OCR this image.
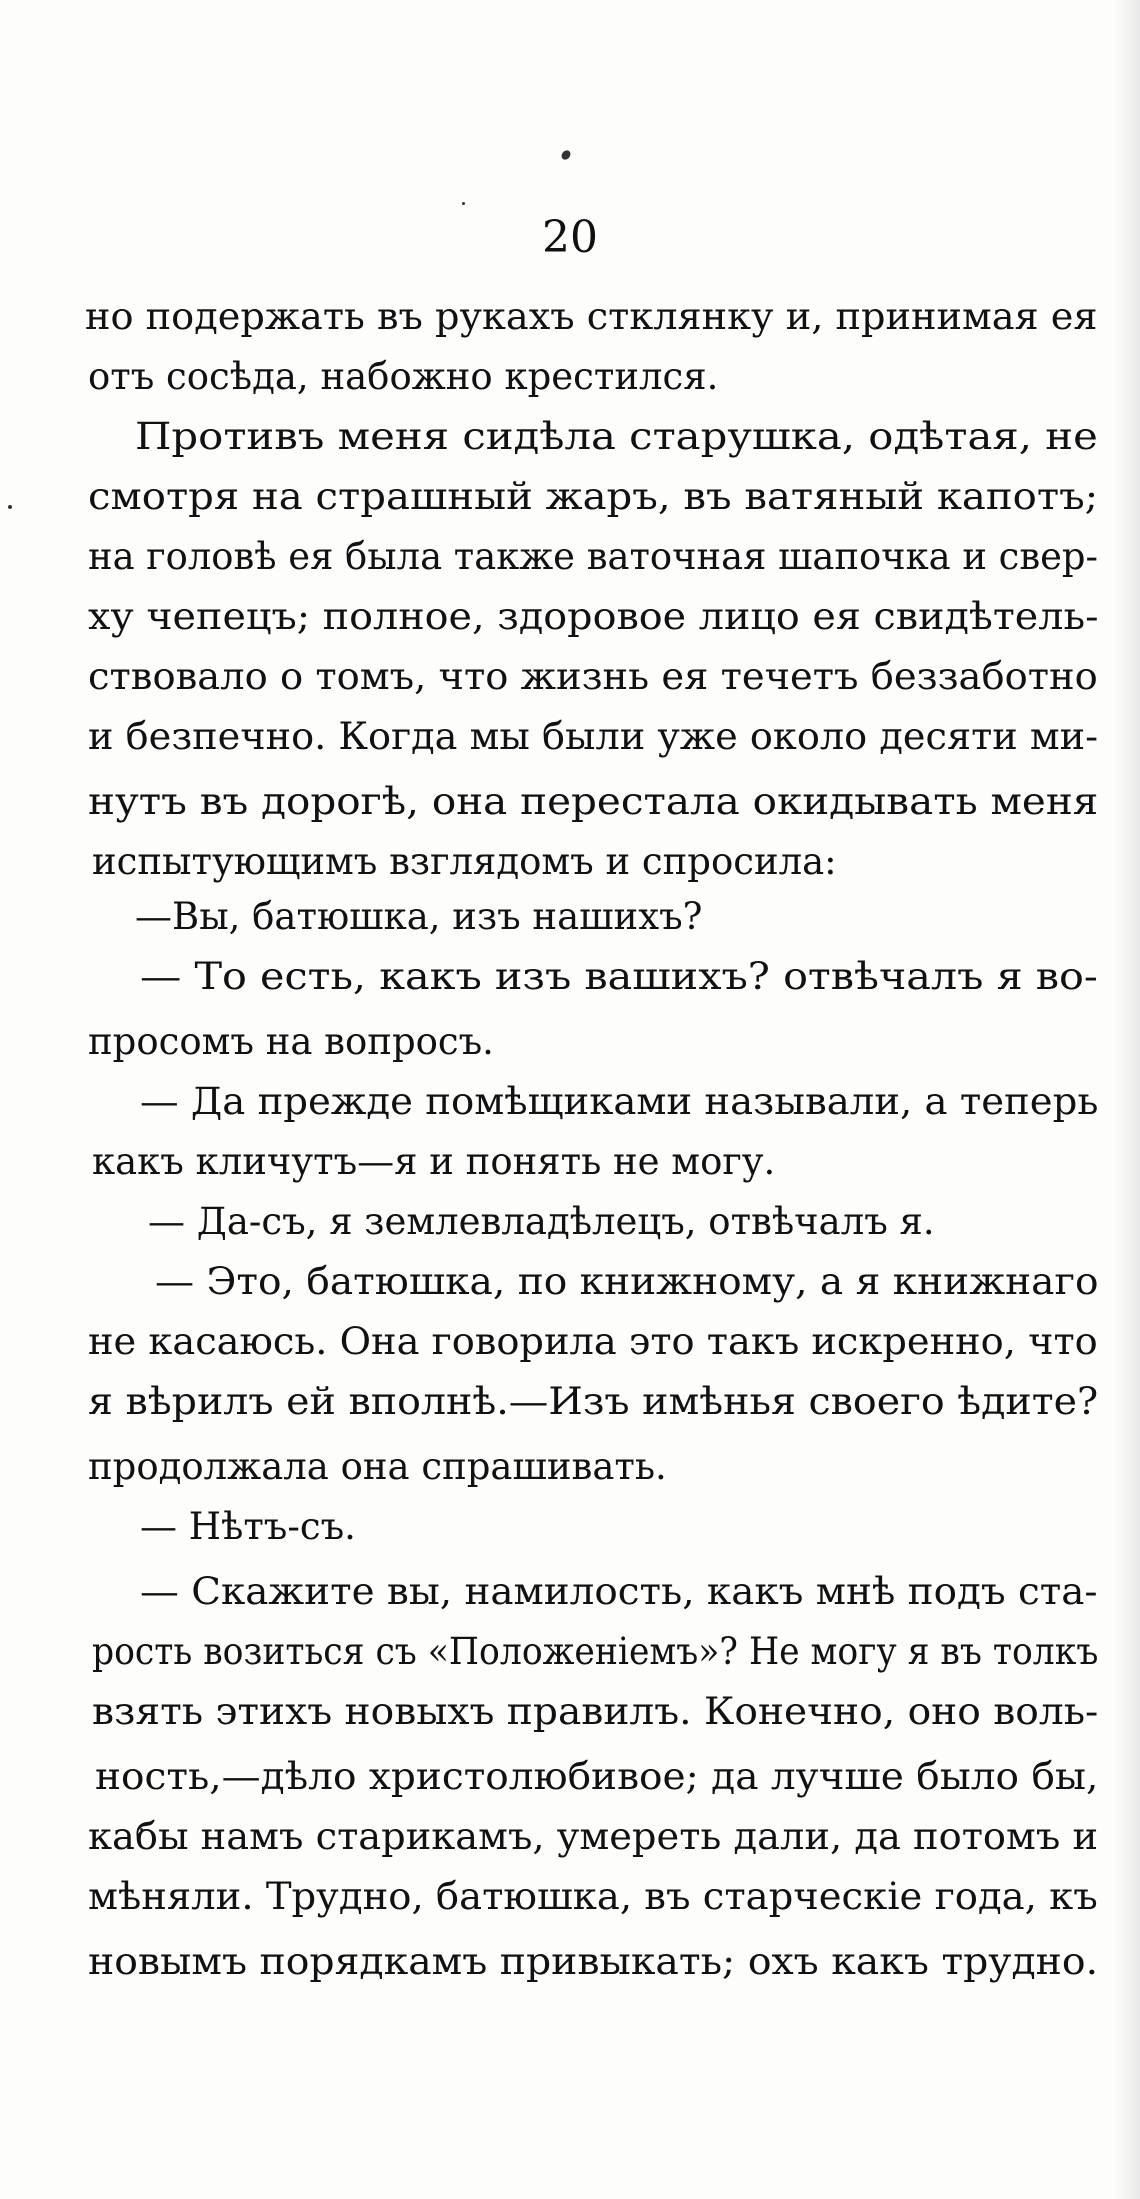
20
но подержать въ рукахъ стклянку и, принимая ея
отъ сосѣда, набожно крестился.
Противъ меня сидѣла старушка, одѣтая, не
смотря на страшный жаръ, въ ватяный капотъ;
на головѣ ея была также ваточная шапочка и свер-
ху чепецъ; полное, здоровое лицо ея свидѣтель-
ствовало о томъ, что жизнь ея течетъ беззаботно
и безпечно. Когда мы были уже около десяти ми-
нутъ въ дорогѣ, она перестала окидывать меня
испытующимъ взглядомъ и спросила:
—Вы, батюшка, изъ нашихъ?
— То есть, какъ изъ вашихъ? отвѣчалъ я во-
просомъ на вопросъ.
— Да прежде помѣщиками называли, а теперь
какъ кличутъ—я и понять не могу.
— Да-съ, я землевладѣлецъ, отвѣчалъ я.
— Это, батюшка, по книжному, а я книжнаго
не касаюсь. Она говорила это такъ искренно, что
я вѣрилъ ей вполнѣ.—Изъ имѣнья своего ѣдите?
продолжала она спрашивать.
— Нѣтъ-съ.
— Скажите вы, намилость, какъ мнѣ подъ ста-
рость возиться съ «Положеніемъ»? Не могу я въ толкъ
взять этихъ новыхъ правилъ. Конечно, оно воль-
ность,—дѣло христолюбивое; да лучше было бы,
кабы намъ старикамъ, умереть дали, да потомъ и
мѣняли. Трудно, батюшка, въ старческіе года, къ
новымъ порядкамъ привыкать; охъ какъ трудно.
